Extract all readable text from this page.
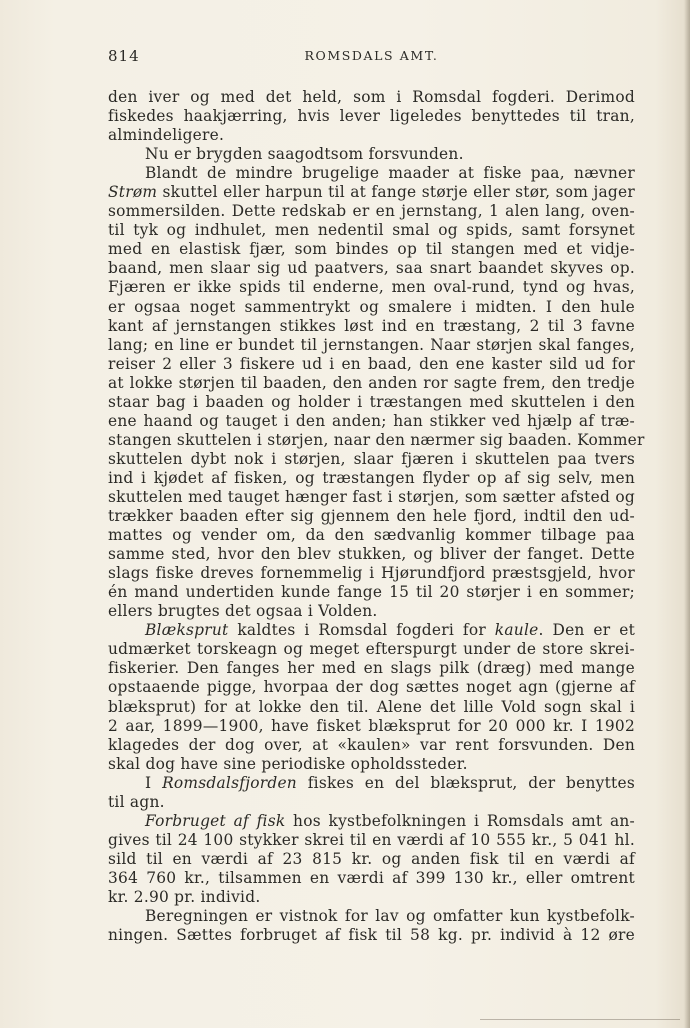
814	ROMSDALS AMT.
den iver og med det held, som i Romsdal fogderi. Derimod
fiskedes haakjærring, hvis lever ligeledes benyttedes til tran,
almindeligere.
Nu er brygden saagodtsom forsvunden.
Blandt de mindre brugelige maader at fiske paa, nævner
Strøm skuttel eller harpun til at fange størje eller stør, som jager
sommersilden. Dette redskab er en jernstang, 1 alen lang, oven-
til tyk og indhulet, men nedentil smal og spids, samt forsynet
med en elastisk fjær, som bindes op til stangen med et vidje-
baand, men slaar sig ud paatvers, saa snart baandet skyves op.
Fjæren er ikke spids til enderne, men oval-rund, tynd og hvas,
er ogsaa noget sammentrykt og smalere i midten. I den hule
kant af jernstangen stikkes løst ind en træstang, 2 til 3 favne
lang; en line er bundet til jernstangen. Naar størjen skal fanges,
reiser 2 eller 3 fiskere ud i en baad, den ene kaster sild ud for
at lokke størjen til baaden, den anden ror sagte frem, den tredje
staar bag i baaden og holder i træstangen med skuttelen i den
ene haand og tauget i den anden; han stikker ved hjælp af træ-
stangen skuttelen i størjen, naar den nærmer sig baaden. Kommer
skuttelen dybt nok i størjen, slaar fjæren i skuttelen paa tvers
ind i kjødet af fisken, og træstangen flyder op af sig selv, men
skuttelen med tauget hænger fast i størjen, som sætter afsted og
trækker baaden efter sig gjennem den hele fjord, indtil den ud-
mattes og vender om, da den sædvanlig kommer tilbage paa
samme sted, hvor den blev stukken, og bliver der fanget. Dette
slags fiske dreves fornemmelig i Hjørundfjord præstsgjeld, hvor
én mand undertiden kunde fange 15 til 20 størjer i en sommer;
ellers brugtes det ogsaa i Volden.
Blæksprut kaldtes i Romsdal fogderi for kaule. Den er et
udmærket torskeagn og meget efterspurgt under de store skrei-
fiskerier. Den fanges her med en slags pilk (dræg) med mange
opstaaende pigge, hvorpaa der dog sættes noget agn (gjerne af
blæksprut) for at lokke den til. Alene det lille Vold sogn skal i
2 aar, 1899—1900, have fisket blæksprut for 20 000 kr. I 1902
klagedes der dog over, at «kaulen» var rent forsvunden. Den
skal dog have sine periodiske opholdssteder.
I Romsdalsfjorden fiskes en del blæksprut, der benyttes
til agn.
Forbruget af fisk hos kystbefolkningen i Romsdals amt an-
gives til 24 100 stykker skrei til en værdi af 10 555 kr., 5 041 hl.
sild til en værdi af 23 815 kr. og anden fisk til en værdi af
364 760 kr., tilsammen en værdi af 399 130 kr., eller omtrent
kr. 2.90 pr. individ.
Beregningen er vistnok for lav og omfatter kun kystbefolk-
ningen. Sættes forbruget af fisk til 58 kg. pr. individ à 12 øre
